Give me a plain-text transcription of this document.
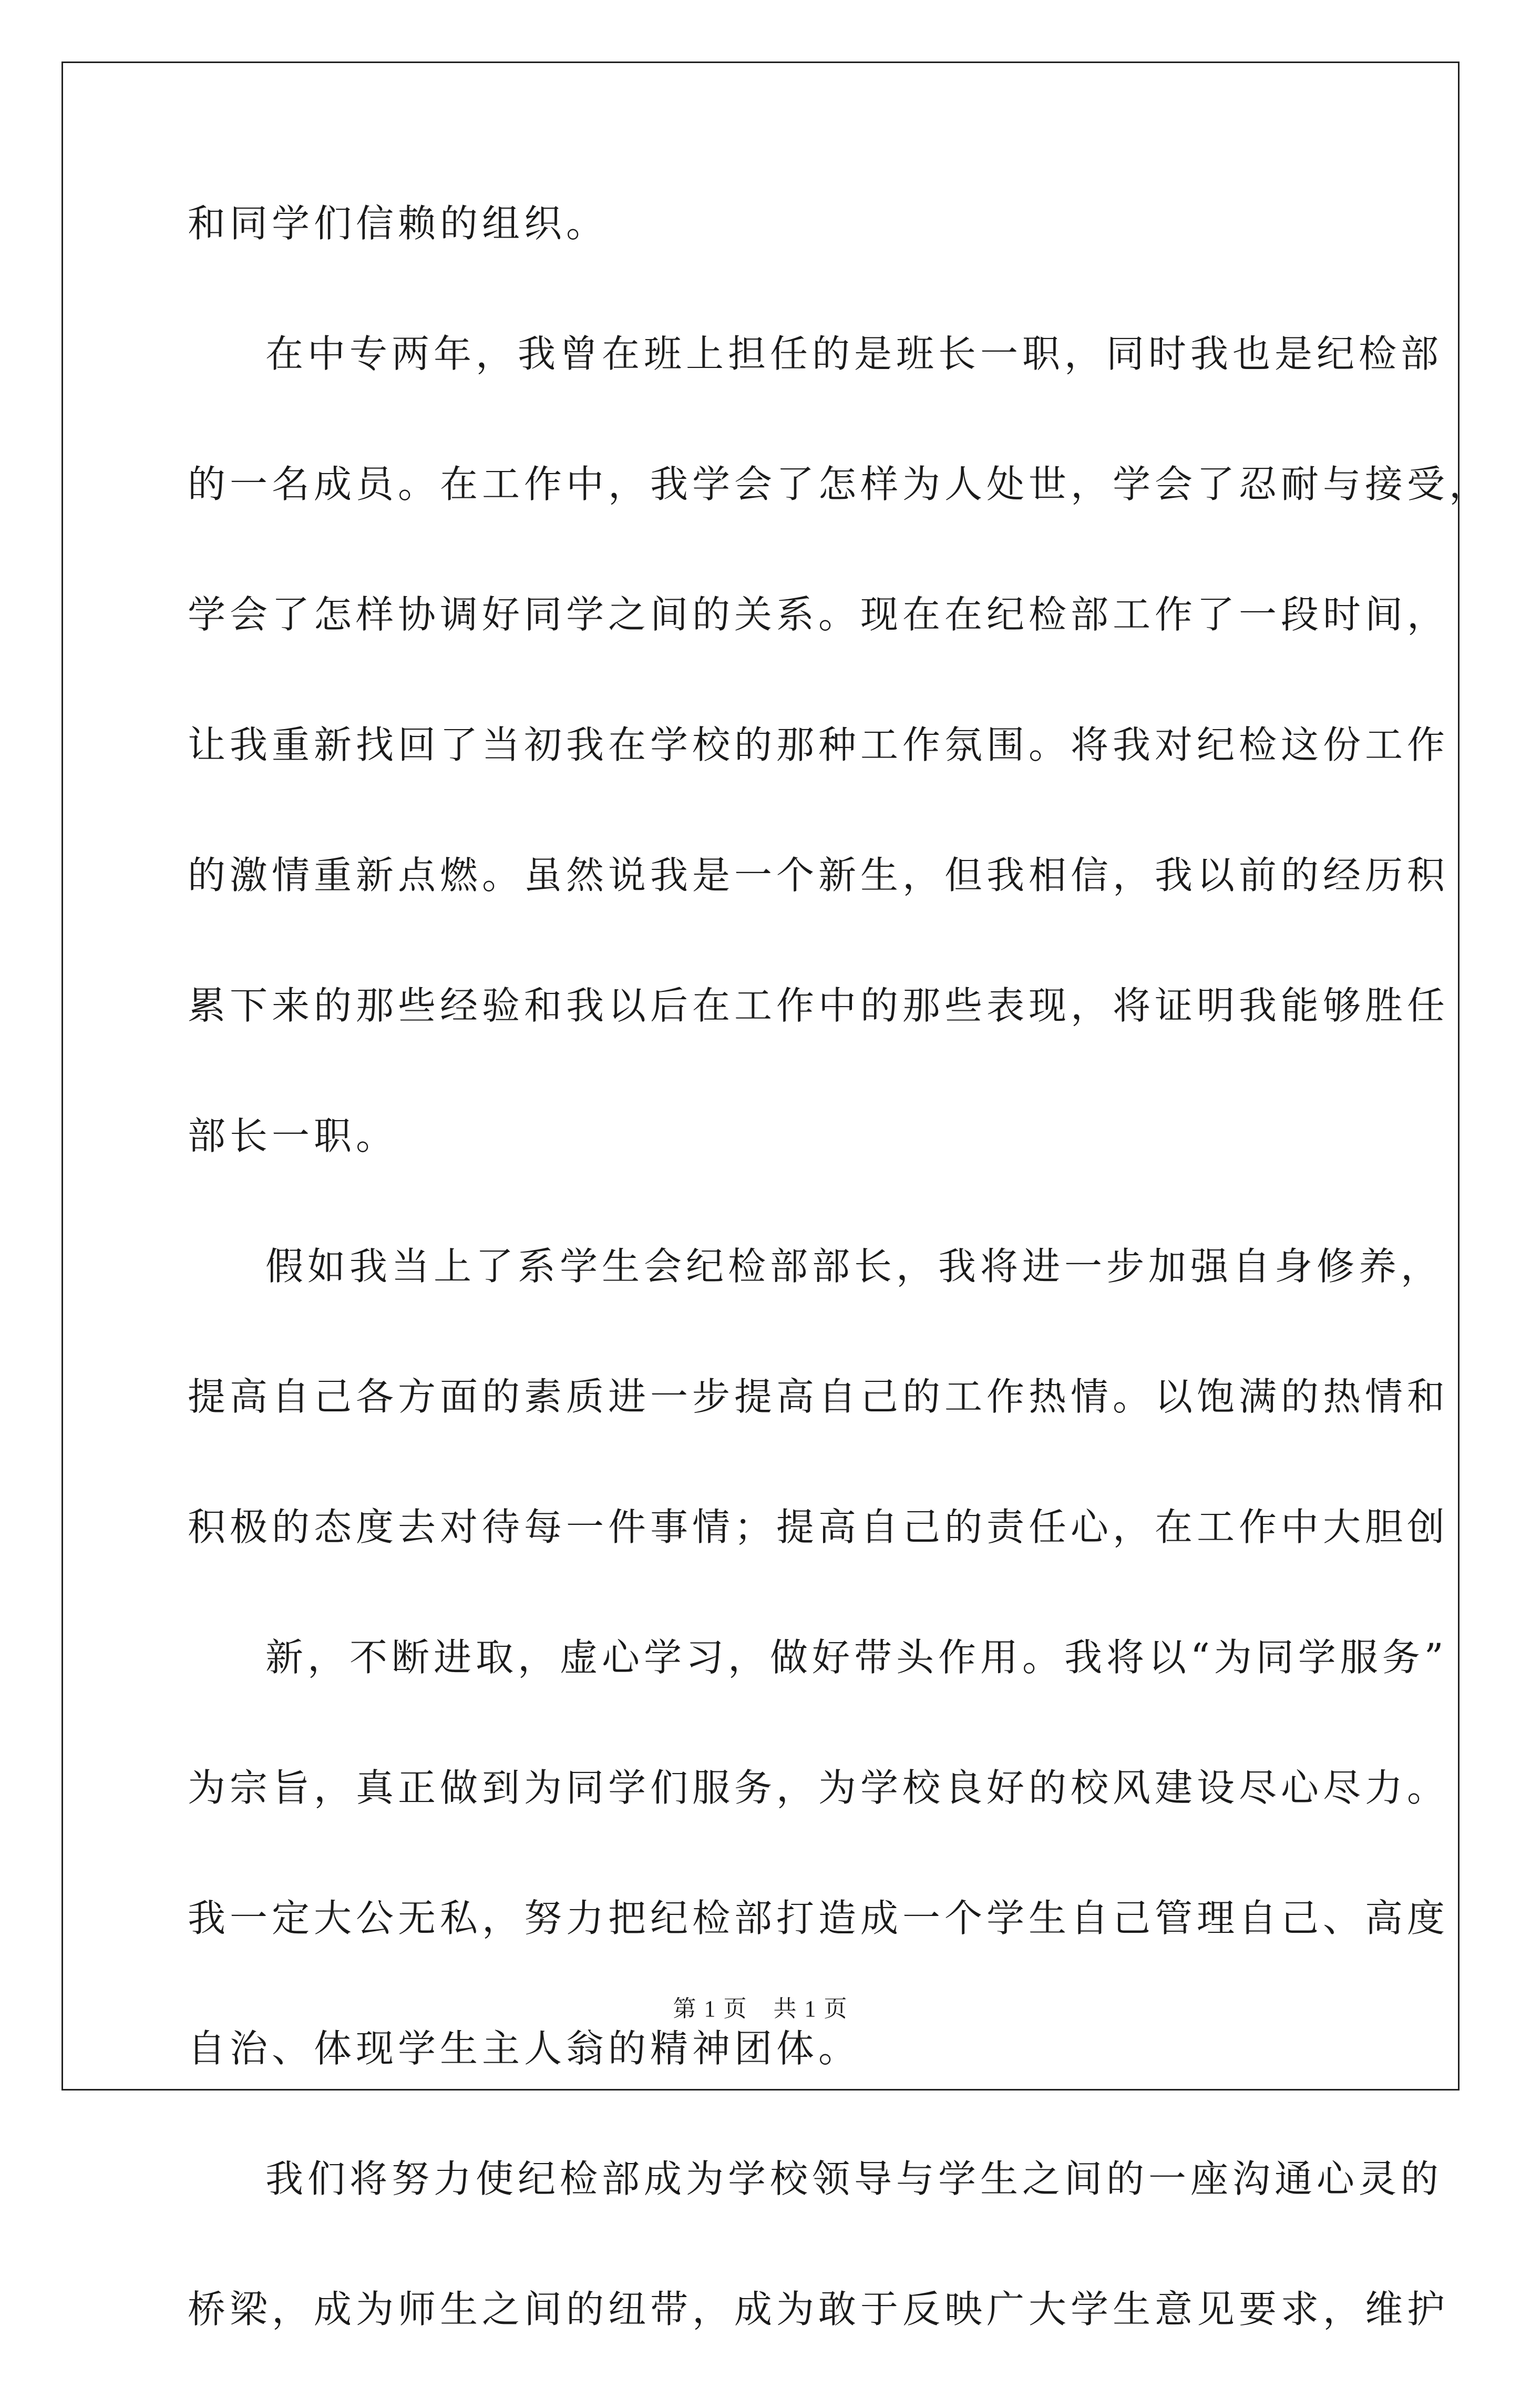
和同学们信赖的组织。
在中专两年，我曾在班上担任的是班长一职，同时我也是纪检部
的一名成员。在工作中，我学会了怎样为人处世，学会了忍耐与接受，
学会了怎样协调好同学之间的关系。现在在纪检部工作了一段时间，
让我重新找回了当初我在学校的那种工作氛围。将我对纪检这份工作
的激情重新点燃。虽然说我是一个新生，但我相信，我以前的经历积
累下来的那些经验和我以后在工作中的那些表现，将证明我能够胜任
部长一职。
假如我当上了系学生会纪检部部长，我将进一步加强自身修养，
提高自己各方面的素质进一步提高自己的工作热情。以饱满的热情和
积极的态度去对待每一件事情；提高自己的责任心，在工作中大胆创
新，不断进取，虚心学习，做好带头作用。我将以“为同学服务”
为宗旨，真正做到为同学们服务，为学校良好的校风建设尽心尽力。
我一定大公无私，努力把纪检部打造成一个学生自己管理自己、高度
自治、体现学生主人翁的精神团体。
我们将努力使纪检部成为学校领导与学生之间的一座沟通心灵的
桥梁，成为师生之间的纽带，成为敢于反映广大学生意见要求，维护
第 1 页 共 1 页
